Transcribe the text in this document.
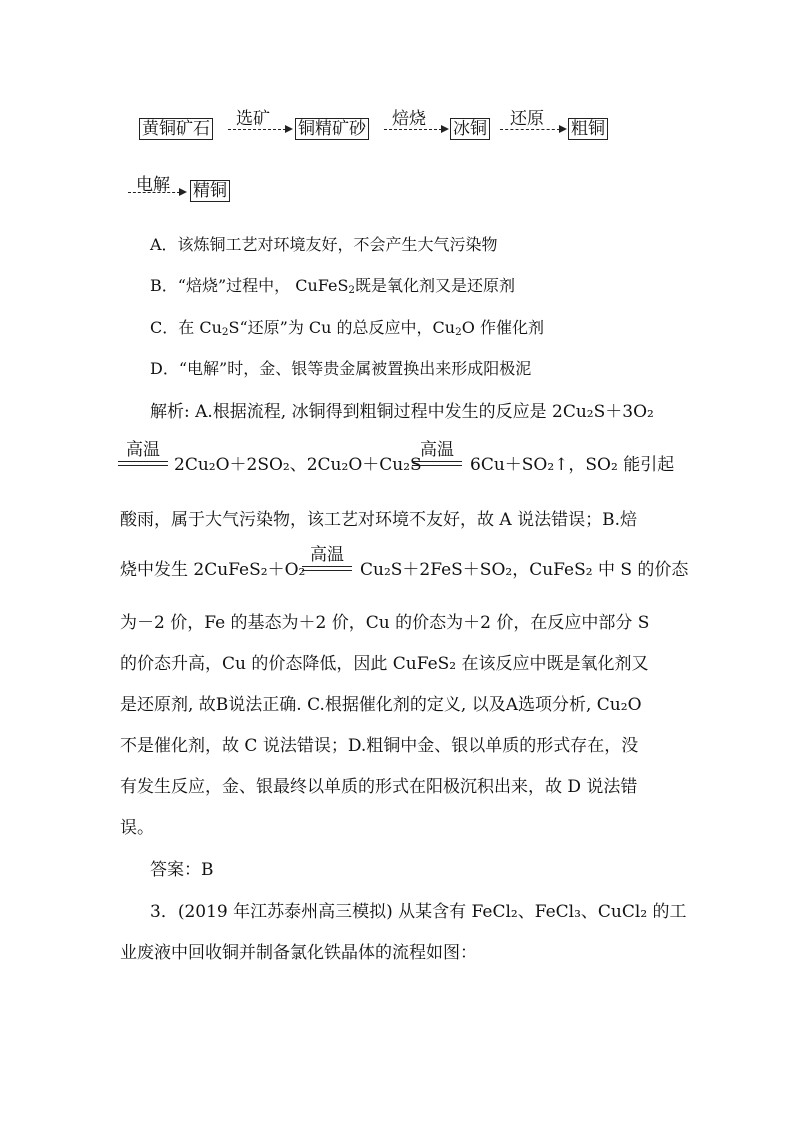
黄铜矿石 选矿 铜精矿砂 焙烧 冰铜 还原 粗铜
电解 精铜
A．该炼铜工艺对环境友好，不会产生大气污染物
B．“焙烧”过程中， CuFeS$_2$既是氧化剂又是还原剂
C．在 $Cu_2S“$还原”为 Cu 的总反应中，$Cu_2O$ 作催化剂
D．“电解”时，金、银等贵金属被置换出来形成阳极泥
解析: A.根据流程, 冰铜得到粗铜过程中发生的反应是 2Cu₂S＋3O₂
高温
2Cu₂O＋2SO₂、2Cu₂O＋Cu₂S
高温
6Cu＋SO₂↑，SO₂ 能引起
酸雨，属于大气污染物，该工艺对环境不友好，故 A 说法错误；B.焙
烧中发生 2CuFeS₂＋O₂
高温
Cu₂S＋2FeS＋SO₂，CuFeS₂ 中 S 的价态
为－2 价，Fe 的基态为＋2 价，Cu 的价态为＋2 价，在反应中部分 S
的价态升高，Cu 的价态降低，因此 CuFeS₂ 在该反应中既是氧化剂又
是还原剂, 故B说法正确. C.根据催化剂的定义, 以及A选项分析, Cu₂O
不是催化剂，故 C 说法错误；D.粗铜中金、银以单质的形式存在，没
有发生反应，金、银最终以单质的形式在阳极沉积出来，故 D 说法错
误。
答案：B
3．(2019 年江苏泰州高三模拟) 从某含有 FeCl₂、FeCl₃、CuCl₂ 的工
业废液中回收铜并制备氯化铁晶体的流程如图：
